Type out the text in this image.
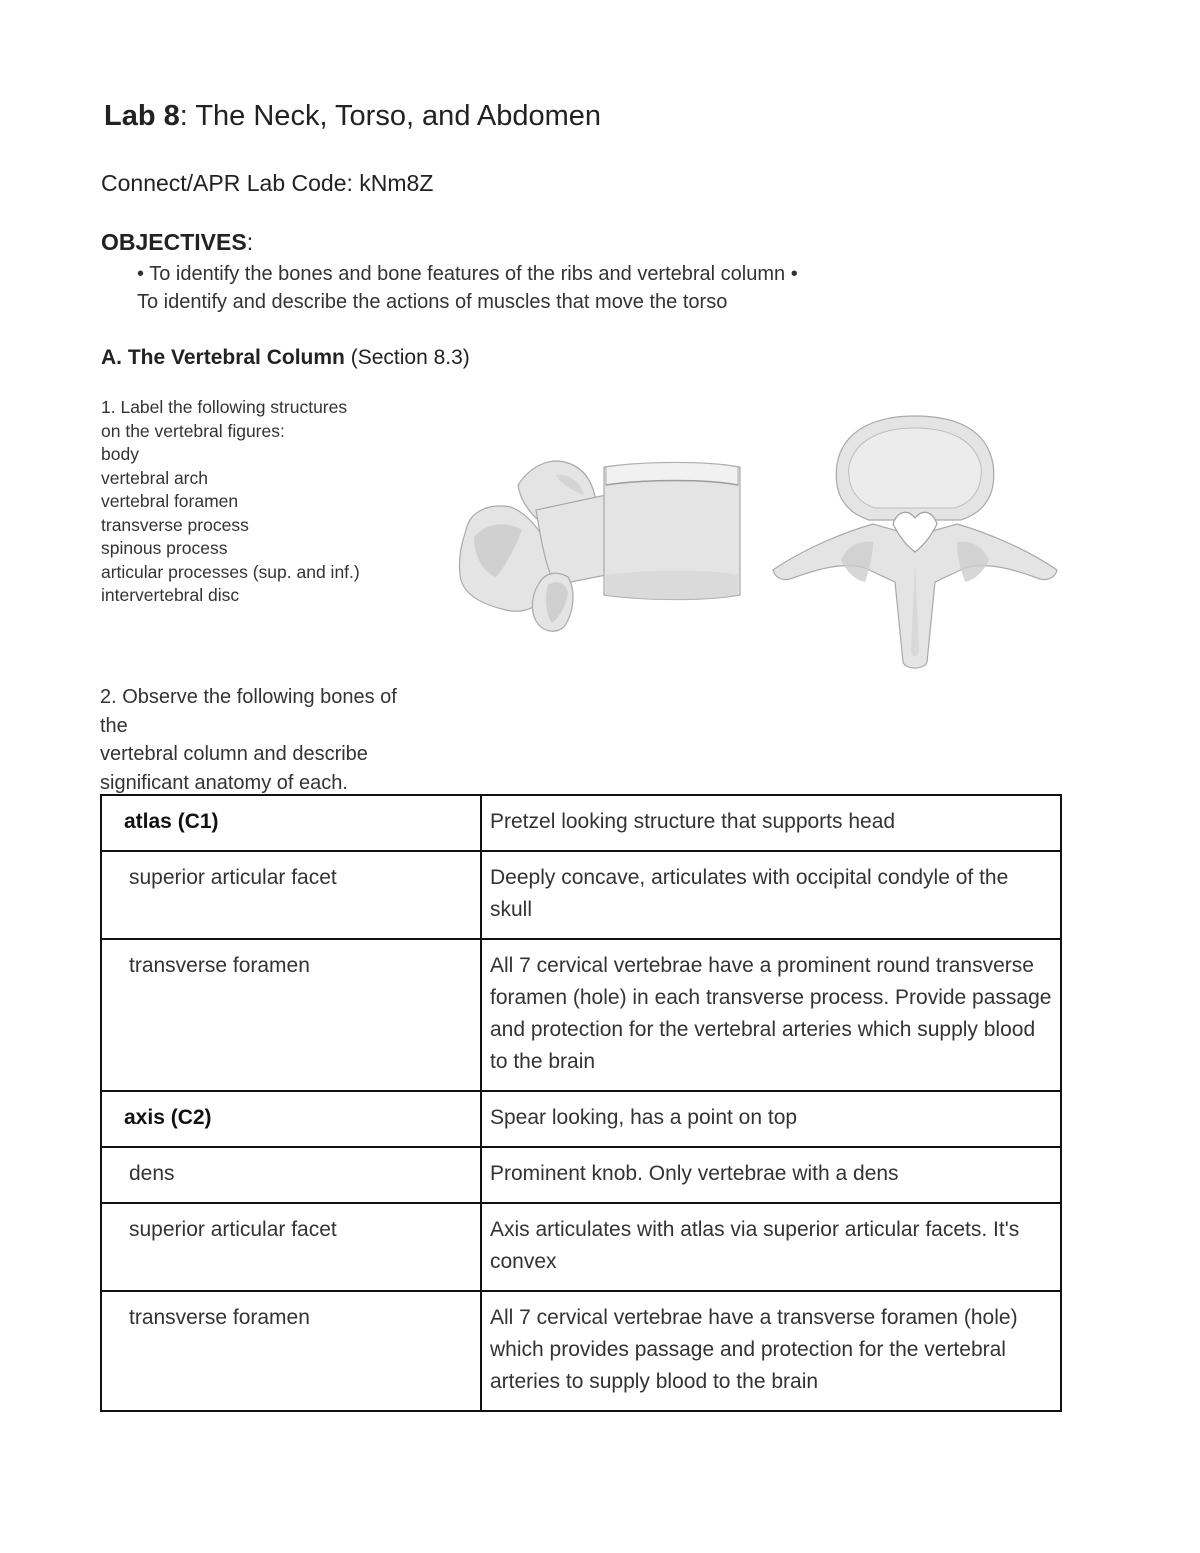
Lab 8: The Neck, Torso, and Abdomen
Connect/APR Lab Code: kNm8Z
OBJECTIVES:
• To identify the bones and bone features of the ribs and vertebral column •
To identify and describe the actions of muscles that move the torso
A. The Vertebral Column (Section 8.3)
1. Label the following structures
on the vertebral figures:
body
vertebral arch
vertebral foramen
transverse process
spinous process
articular processes (sup. and inf.)
intervertebral disc
2. Observe the following bones of
the
vertebral column and describe
significant anatomy of each.
atlas (C1)	Pretzel looking structure that supports head
superior articular facet	Deeply concave, articulates with occipital condyle of the skull
transverse foramen	All 7 cervical vertebrae have a prominent round transverse foramen (hole) in each transverse process. Provide passage and protection for the vertebral arteries which supply blood to the brain
axis (C2)	Spear looking, has a point on top
dens	Prominent knob. Only vertebrae with a dens
superior articular facet	Axis articulates with atlas via superior articular facets. It's convex
transverse foramen	All 7 cervical vertebrae have a transverse foramen (hole) which provides passage and protection for the vertebral arteries to supply blood to the brain
